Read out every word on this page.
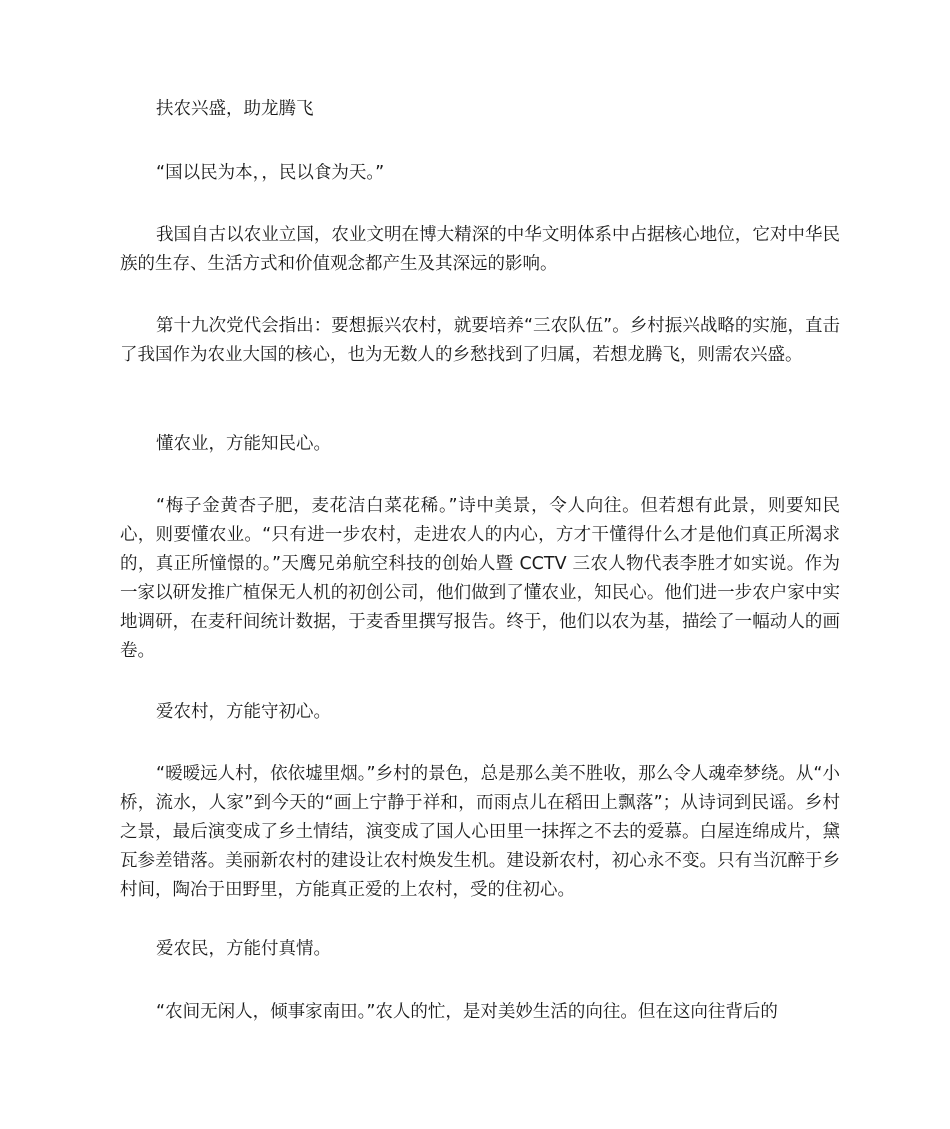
扶农兴盛，助龙腾飞

“国以民为本，，民以食为天。”

我国自古以农业立国，农业文明在博大精深的中华文明体系中占据核心地位，它对中华民族的生存、生活方式和价值观念都产生及其深远的影响。

第十九次党代会指出：要想振兴农村，就要培养“三农队伍”。乡村振兴战略的实施，直击了我国作为农业大国的核心，也为无数人的乡愁找到了归属，若想龙腾飞，则需农兴盛。

懂农业，方能知民心。

“梅子金黄杏子肥，麦花洁白菜花稀。”诗中美景，令人向往。但若想有此景，则要知民心，则要懂农业。“只有进一步农村，走进农人的内心，方才干懂得什么才是他们真正所渴求的，真正所憧憬的。”天鹰兄弟航空科技的创始人暨 CCTV 三农人物代表李胜才如实说。作为一家以研发推广植保无人机的初创公司，他们做到了懂农业，知民心。他们进一步农户家中实地调研，在麦秆间统计数据，于麦香里撰写报告。终于，他们以农为基，描绘了一幅动人的画卷。

爱农村，方能守初心。

“暧暧远人村，依依墟里烟。”乡村的景色，总是那么美不胜收，那么令人魂牵梦绕。从“小桥，流水，人家”到今天的“画上宁静于祥和，而雨点儿在稻田上飘落”；从诗词到民谣。乡村之景，最后演变成了乡土情结，演变成了国人心田里一抹挥之不去的爱慕。白屋连绵成片，黛瓦参差错落。美丽新农村的建设让农村焕发生机。建设新农村，初心永不变。只有当沉醉于乡村间，陶冶于田野里，方能真正爱的上农村，受的住初心。

爱农民，方能付真情。

“农间无闲人，倾事家南田。”农人的忙，是对美妙生活的向往。但在这向往背后的
